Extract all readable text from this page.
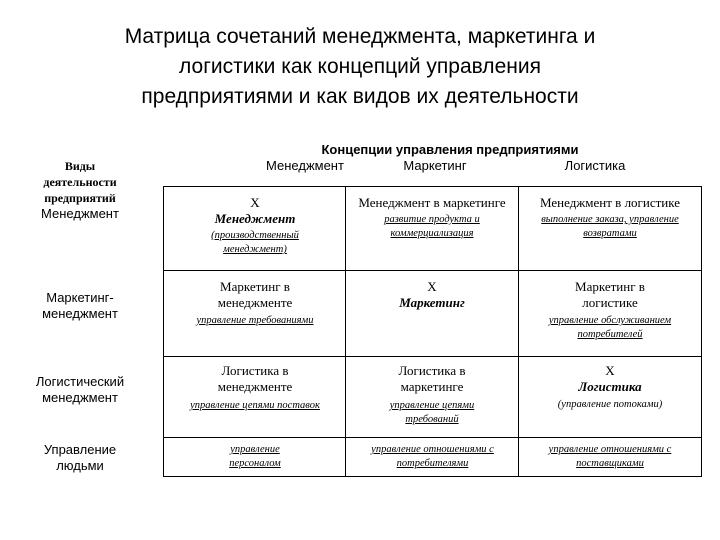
Матрица сочетаний менеджмента, маркетинга и
логистики как концепций управления
предприятиями и как видов их деятельности
Концепции управления предприятиями
Менеджмент	Маркетинг	Логистика
Виды
деятельности
предприятий
Менеджмент
Маркетинг-менеджмент
Логистический менеджмент
Управление людьми
X
Менеджмент
(производственный менеджмент)
Менеджмент в маркетинге
развитие продукта и коммерциализация
Менеджмент в логистике
выполнение заказа, управление возвратами
Маркетинг в менеджменте
управление требованиями
X
Маркетинг
Маркетинг в логистике
управление обслуживанием потребителей
Логистика в менеджменте
управление цепями поставок
Логистика в маркетинге
управление цепями требований
X
Логистика
(управление потоками)
управление персоналом
управление отношениями с потребителями
управление отношениями с поставщиками
